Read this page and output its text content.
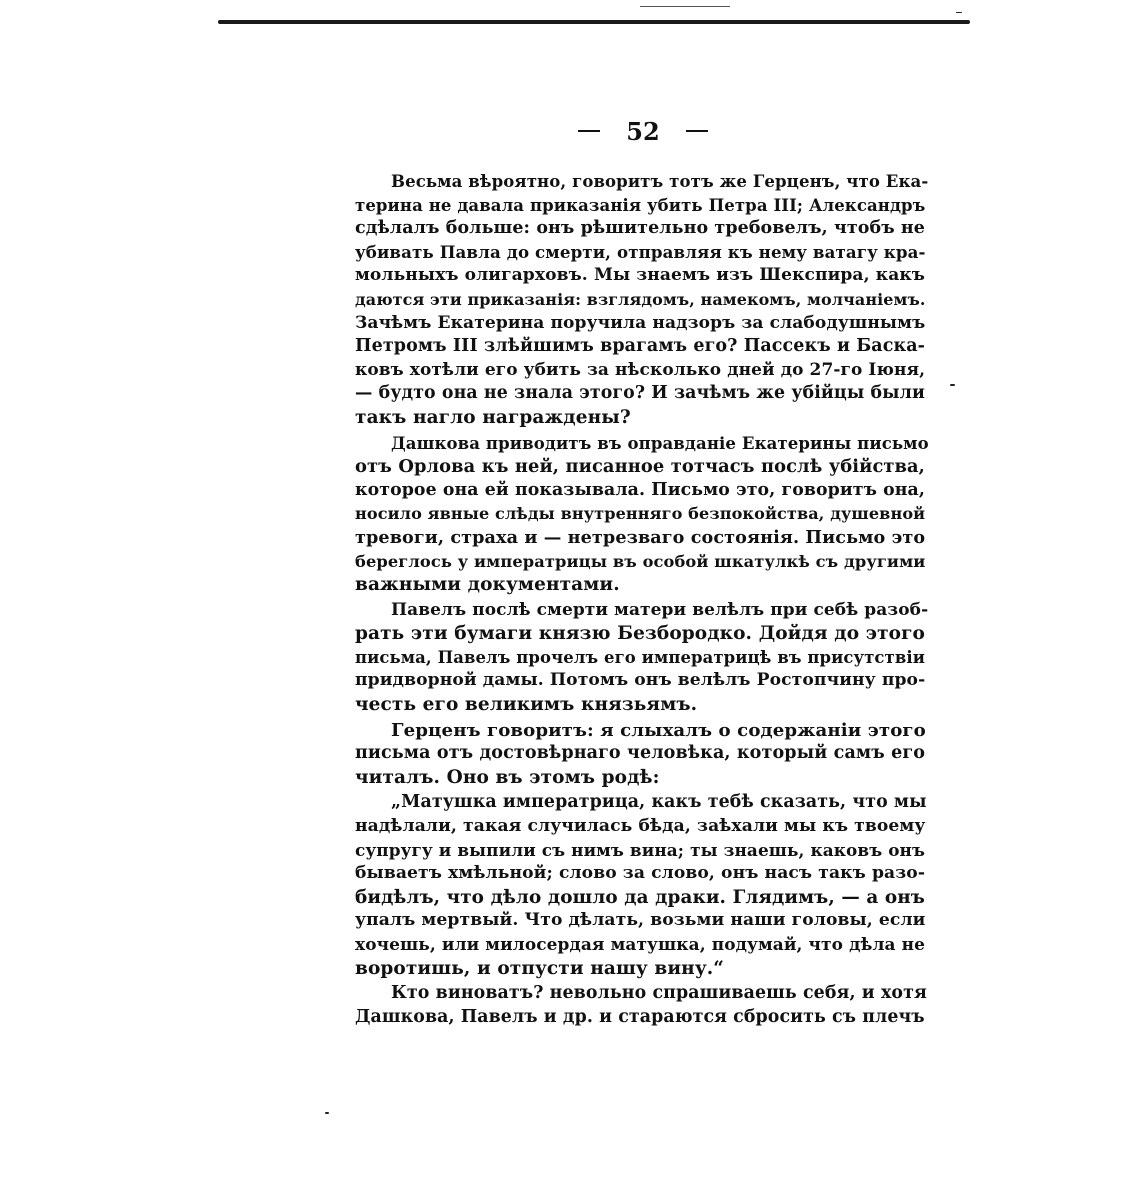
52
Весьма вѣроятно, говоритъ тотъ же Герценъ, что Ека-
терина не давала приказанія убить Петра III; Александръ
сдѣлалъ больше: онъ рѣшительно требовелъ, чтобъ не
убивать Павла до смерти, отправляя къ нему ватагу кра-
мольныхъ олигарховъ. Мы знаемъ изъ Шекспира, какъ
даются эти приказанія: взглядомъ, намекомъ, молчаніемъ.
Зачѣмъ Екатерина поручила надзоръ за слабодушнымъ
Петромъ III злѣйшимъ врагамъ его? Пассекъ и Баска-
ковъ хотѣли его убить за нѣсколько дней до 27-го Іюня,
— будто она не знала этого? И зачѣмъ же убійцы были
такъ нагло награждены?
Дашкова приводитъ въ оправданіе Екатерины письмо
отъ Орлова къ ней, писанное тотчасъ послѣ убійства,
которое она ей показывала. Письмо это, говоритъ она,
носило явные слѣды внутренняго безпокойства, душевной
тревоги, страха и — нетрезваго состоянія. Письмо это
береглось у императрицы въ особой шкатулкѣ съ другими
важными документами.
Павелъ послѣ смерти матери велѣлъ при себѣ разоб-
рать эти бумаги князю Безбородко. Дойдя до этого
письма, Павелъ прочелъ его императрицѣ въ присутствіи
придворной дамы. Потомъ онъ велѣлъ Ростопчину про-
честь его великимъ князьямъ.
Герценъ говоритъ: я слыхалъ о содержаніи этого
письма отъ достовѣрнаго человѣка, который самъ его
читалъ. Оно въ этомъ родѣ:
„Матушка императрица, какъ тебѣ сказать, что мы
надѣлали, такая случилась бѣда, заѣхали мы къ твоему
супругу и выпили съ нимъ вина; ты знаешь, каковъ онъ
бываетъ хмѣльной; слово за слово, онъ насъ такъ разо-
бидѣлъ, что дѣло дошло да драки. Глядимъ, — а онъ
упалъ мертвый. Что дѣлать, возьми наши головы, если
хочешь, или милосердая матушка, подумай, что дѣла не
воротишь, и отпусти нашу вину.“
Кто виноватъ? невольно спрашиваешь себя, и хотя
Дашкова, Павелъ и др. и стараются сбросить съ плечъ
